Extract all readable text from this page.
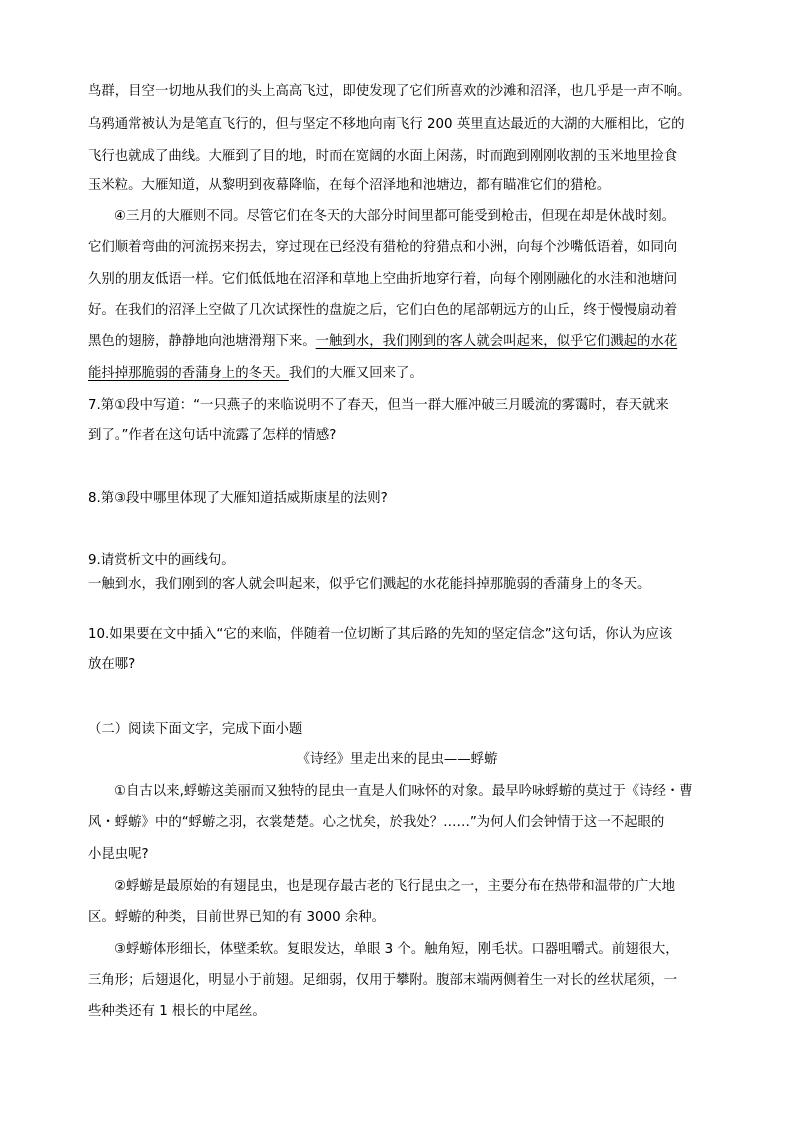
鸟群，目空一切地从我们的头上高高飞过，即使发现了它们所喜欢的沙滩和沼泽，也几乎是一声不响。
乌鸦通常被认为是笔直飞行的，但与坚定不移地向南飞行 200 英里直达最近的大湖的大雁相比，它的
飞行也就成了曲线。大雁到了目的地，时而在宽阔的水面上闲荡，时而跑到刚刚收割的玉米地里捡食
玉米粒。大雁知道，从黎明到夜幕降临，在每个沼泽地和池塘边，都有瞄准它们的猎枪。
④三月的大雁则不同。尽管它们在冬天的大部分时间里都可能受到枪击，但现在却是休战时刻。
它们顺着弯曲的河流拐来拐去，穿过现在已经没有猎枪的狩猎点和小洲，向每个沙嘴低语着，如同向
久别的朋友低语一样。它们低低地在沼泽和草地上空曲折地穿行着，向每个刚刚融化的水洼和池塘问
好。在我们的沼泽上空做了几次试探性的盘旋之后，它们白色的尾部朝远方的山丘，终于慢慢扇动着
黑色的翅膀，静静地向池塘滑翔下来。一触到水，我们刚到的客人就会叫起来，似乎它们溅起的水花
能抖掉那脆弱的香蒲身上的冬天。我们的大雁又回来了。
7.第①段中写道：“一只燕子的来临说明不了春天，但当一群大雁冲破三月暖流的雾霭时，春天就来
到了。”作者在这句话中流露了怎样的情感?
8.第③段中哪里体现了大雁知道括威斯康星的法则?
9.请赏析文中的画线句。
一触到水，我们刚到的客人就会叫起来，似乎它们溅起的水花能抖掉那脆弱的香蒲身上的冬天。
10.如果要在文中插入“它的来临，伴随着一位切断了其后路的先知的坚定信念”这句话，你认为应该
放在哪?
（二）阅读下面文字，完成下面小题
《诗经》里走出来的昆虫——蜉蝣
①自古以来,蜉蝣这美丽而又独特的昆虫一直是人们咏怀的对象。最早吟咏蜉蝣的莫过于《诗经・曹
风・蜉蝣》中的“蜉蝣之羽，衣裳楚楚。心之忧矣，於我处？……”为何人们会钟情于这一不起眼的
小昆虫呢?
②蜉蝣是最原始的有翅昆虫，也是现存最古老的飞行昆虫之一，主要分布在热带和温带的广大地
区。蜉蝣的种类，目前世界已知的有 3000 余种。
③蜉蝣体形细长，体壁柔软。复眼发达，单眼 3 个。触角短，刚毛状。口器咀嚼式。前翅很大，
三角形；后翅退化，明显小于前翅。足细弱，仅用于攀附。腹部末端两侧着生一对长的丝状尾须，一
些种类还有 1 根长的中尾丝。
